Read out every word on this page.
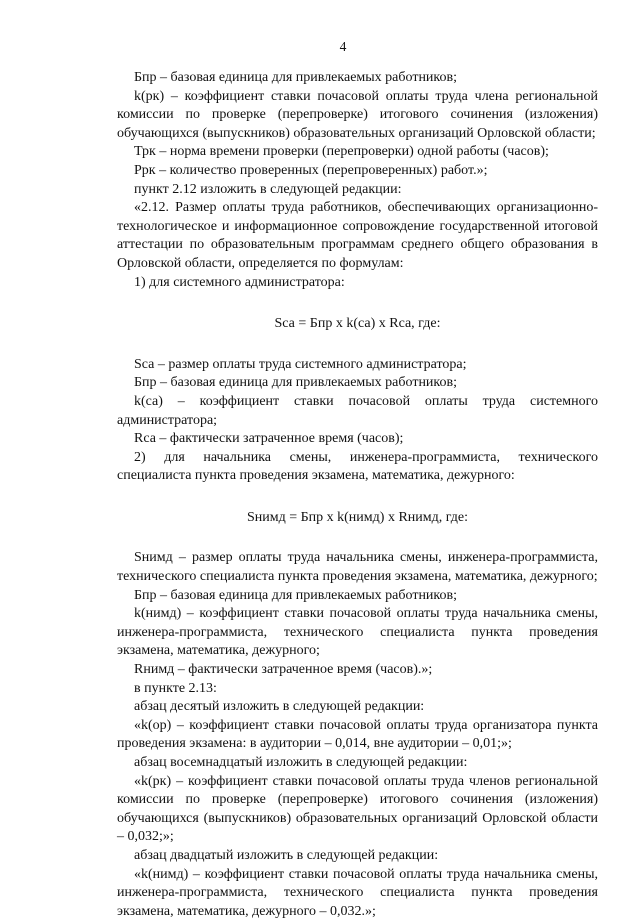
4

Бпр – базовая единица для привлекаемых работников;

k(рк) – коэффициент ставки почасовой оплаты труда члена региональной комиссии по проверке (перепроверке) итогового сочинения (изложения) обучающихся (выпускников) образовательных организаций Орловской области;

Трк – норма времени проверки (перепроверки) одной работы (часов);

Ррк – количество проверенных (перепроверенных) работ.»;

пункт 2.12 изложить в следующей редакции:

«2.12. Размер оплаты труда работников, обеспечивающих организационно-технологическое и информационное сопровождение государственной итоговой аттестации по образовательным программам среднего общего образования в Орловской области, определяется по формулам:

1) для системного администратора:

Sса = Бпр х k(са) х Rса, где:

Sса – размер оплаты труда системного администратора;

Бпр – базовая единица для привлекаемых работников;

k(са) – коэффициент ставки почасовой оплаты труда системного администратора;

Rса – фактически затраченное время (часов);

2) для начальника смены, инженера-программиста, технического специалиста пункта проведения экзамена, математика, дежурного:

Sнимд = Бпр х k(нимд) х Rнимд, где:

Sнимд – размер оплаты труда начальника смены, инженера-программиста, технического специалиста пункта проведения экзамена, математика, дежурного;

Бпр – базовая единица для привлекаемых работников;

k(нимд) – коэффициент ставки почасовой оплаты труда начальника смены, инженера-программиста, технического специалиста пункта проведения экзамена, математика, дежурного;

Rнимд – фактически затраченное время (часов).»;

в пункте 2.13:

абзац десятый изложить в следующей редакции:

«k(ор) – коэффициент ставки почасовой оплаты труда организатора пункта проведения экзамена: в аудитории – 0,014, вне аудитории – 0,01;»;

абзац восемнадцатый изложить в следующей редакции:

«k(рк) – коэффициент ставки почасовой оплаты труда членов региональной комиссии по проверке (перепроверке) итогового сочинения (изложения) обучающихся (выпускников) образовательных организаций Орловской области – 0,032;»;

абзац двадцатый изложить в следующей редакции:

«k(нимд) – коэффициент ставки почасовой оплаты труда начальника смены, инженера-программиста, технического специалиста пункта проведения экзамена, математика, дежурного – 0,032.»;
